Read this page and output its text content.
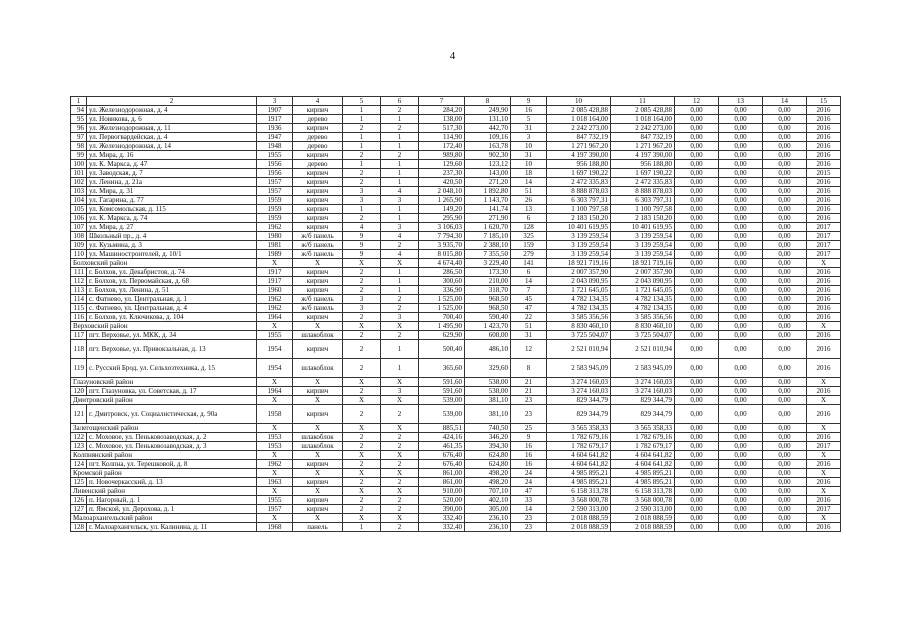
4
1	2	3	4	5	6	7	8	9	10	11	12	13	14	15
94	ул. Железнодорожная, д. 4	1907	кирпич	1	2	284,20	249,90	16	2 085 428,88	2 085 428,88	0,00	0,00	0,00	2016
95	ул. Новикова, д. 6	1917	дерево	1	1	138,00	131,10	5	1 018 164,00	1 018 164,00	0,00	0,00	0,00	2016
96	ул. Железнодорожная, д. 11	1936	кирпич	2	2	517,30	442,70	31	2 242 273,00	2 242 273,00	0,00	0,00	0,00	2016
97	ул. Первогвардейская, д. 4	1947	дерево	1	1	114,90	109,16	3	847 732,19	847 732,19	0,00	0,00	0,00	2016
98	ул. Железнодорожная, д. 14	1948	дерево	1	1	172,40	163,78	10	1 271 967,20	1 271 967,20	0,00	0,00	0,00	2016
99	ул. Мира, д. 16	1955	кирпич	2	2	989,80	902,30	31	4 197 390,00	4 197 390,00	0,00	0,00	0,00	2016
100	ул. К. Маркса, д. 47	1956	дерево	1	1	129,60	123,12	10	956 188,80	956 188,80	0,00	0,00	0,00	2016
101	ул. Заводская, д. 7	1956	кирпич	2	1	237,30	143,00	18	1 697 190,22	1 697 190,22	0,00	0,00	0,00	2015
102	ул. Ленина, д. 21а	1957	кирпич	2	1	420,50	271,20	14	2 472 335,83	2 472 335,83	0,00	0,00	0,00	2016
103	ул. Мира, д. 31	1957	кирпич	3	4	2 048,10	1 892,80	51	8 888 878,03	8 888 878,03	0,00	0,00	0,00	2016
104	ул. Гагарина, д. 77	1959	кирпич	3	3	1 265,90	1 143,70	26	6 303 797,31	6 303 797,31	0,00	0,00	0,00	2016
105	ул. Комсомольская, д. 115	1959	кирпич	1	1	149,20	141,74	13	1 100 797,58	1 100 797,58	0,00	0,00	0,00	2016
106	ул. К. Маркса, д. 74	1959	кирпич	2	1	295,90	271,90	6	2 183 150,20	2 183 150,20	0,00	0,00	0,00	2016
107	ул. Мира, д. 27	1962	кирпич	4	3	3 106,03	1 620,70	128	10 401 619,95	10 401 619,95	0,00	0,00	0,00	2017
108	Школьный пр., д. 4	1980	ж/б панель	9	4	7 794,30	7 185,10	325	3 139 259,54	3 139 259,54	0,00	0,00	0,00	2017
109	ул. Кузьмина, д. 3	1981	ж/б панель	9	2	3 935,70	2 388,10	159	3 139 259,54	3 139 259,54	0,00	0,00	0,00	2017
110	ул. Машиностроителей, д. 10/1	1989	ж/б панель	9	4	8 015,80	7 355,50	279	3 139 259,54	3 139 259,54	0,00	0,00	0,00	2017
Болховский район		Х	Х	Х	Х	4 674,40	3 229,40	141	18 921 719,16	18 921 719,16	0,00	0,00	0,00	Х
111	г. Болхов, ул. Декабристов, д. 74	1917	кирпич	2	1	286,50	173,30	6	2 007 357,90	2 007 357,90	0,00	0,00	0,00	2016
112	г. Болхов, ул. Первомайская, д. 68	1917	кирпич	2	1	300,60	210,00	14	2 043 090,95	2 043 090,95	0,00	0,00	0,00	2016
113	г. Болхов, ул. Ленина, д. 51	1960	кирпич	2	1	336,90	318,70	7	1 721 645,05	1 721 645,05	0,00	0,00	0,00	2016
114	с. Фатнево, ул. Центральная, д. 1	1962	ж/б панель	3	2	1 525,00	968,50	45	4 782 134,35	4 782 134,35	0,00	0,00	0,00	2016
115	с. Фатнево, ул. Центральная, д. 4	1962	ж/б панель	3	2	1 525,00	968,50	47	4 782 134,35	4 782 134,35	0,00	0,00	0,00	2016
116	г. Болхов, ул. Ключикова, д. 104	1964	кирпич	2	3	700,40	590,40	22	3 585 356,56	3 585 356,56	0,00	0,00	0,00	2016
Верховский район		Х	Х	Х	Х	1 495,90	1 423,70	51	8 830 460,10	8 830 460,10	0,00	0,00	0,00	Х
117	пгт. Верховье, ул. МКК, д. 34	1955	шлакоблок	2	2	629,90	608,00	31	3 725 504,07	3 725 504,07	0,00	0,00	0,00	2016
118	пгт. Верховье, ул. Привокзальная, д. 13	1954	кирпич	2	1	500,40	486,10	12	2 521 010,94	2 521 010,94	0,00	0,00	0,00	2016
119	с. Русский Брод, ул. Сельхозтехника, д. 15	1954	шлакоблок	2	1	365,60	329,60	8	2 583 945,09	2 583 945,09	0,00	0,00	0,00	2016
Глазуновский район		Х	Х	Х	Х	591,60	538,00	21	3 274 160,03	3 274 160,03	0,00	0,00	0,00	Х
120	пгт. Глазуновка, ул. Советская, д. 17	1964	кирпич	2	3	591,60	538,00	21	3 274 160,03	3 274 160,03	0,00	0,00	0,00	2016
Дмитровский район		Х	Х	Х	Х	539,00	381,10	23	829 344,79	829 344,79	0,00	0,00	0,00	Х
121	г. Дмитровск, ул. Социалистическая, д. 90а	1958	кирпич	2	2	539,00	381,10	23	829 344,79	829 344,79	0,00	0,00	0,00	2016
Залегощенский район		Х	Х	Х	Х	885,51	740,50	25	3 565 358,33	3 565 358,33	0,00	0,00	0,00	Х
122	с. Моховое, ул. Пеньковозаводская, д. 2	1953	шлакоблок	2	2	424,16	346,20	9	1 782 679,16	1 782 679,16	0,00	0,00	0,00	2016
123	с. Моховое, ул. Пеньковозаводская, д. 3	1953	шлакоблок	2	2	461,35	394,30	16	1 782 679,17	1 782 679,17	0,00	0,00	0,00	2017
Колпнянский район		Х	Х	Х	Х	676,40	624,80	16	4 604 641,82	4 604 641,82	0,00	0,00	0,00	Х
124	пгт. Колпна, ул. Терешковой, д. 8	1962	кирпич	2	2	676,40	624,80	16	4 604 641,82	4 604 641,82	0,00	0,00	0,00	2016
Кромской район		Х	Х	Х	Х	861,00	498,20	24	4 985 895,21	4 985 895,21	0,00	0,00	0,00	Х
125	п. Новочеркасский, д. 13	1963	кирпич	2	2	861,00	498,20	24	4 985 895,21	4 985 895,21	0,00	0,00	0,00	2016
Ливенский район		Х	Х	Х	Х	910,00	707,10	47	6 158 313,78	6 158 313,78	0,00	0,00	0,00	Х
126	п. Нагорный, д. 1	1955	кирпич	2	2	520,00	402,10	33	3 568 000,78	3 568 000,78	0,00	0,00	0,00	2016
127	п. Ямской, ул. Дерохова, д. 1	1957	кирпич	2	2	390,00	305,00	14	2 590 313,00	2 590 313,00	0,00	0,00	0,00	2017
Малоархангельский район		Х	Х	Х	Х	332,40	236,10	23	2 018 088,59	2 018 088,59	0,00	0,00	0,00	Х
128	г. Малоархангельск, ул. Калинина, д. 11	1968	панель	1	2	332,40	236,10	23	2 018 088,59	2 018 088,59	0,00	0,00	0,00	2016
